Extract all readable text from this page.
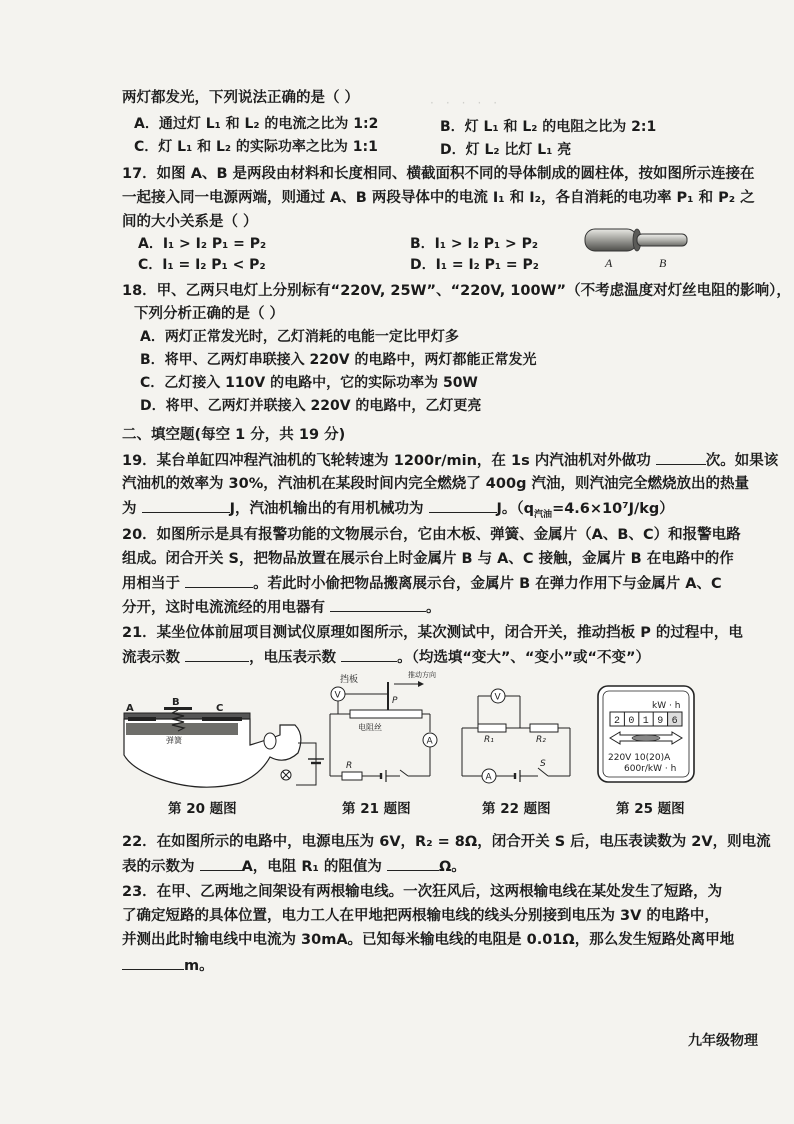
·　·　·　·　·
两灯都发光，下列说法正确的是（ ）
A．通过灯 L₁ 和 L₂ 的电流之比为 1:2	B．灯 L₁ 和 L₂ 的电阻之比为 2:1
C．灯 L₁ 和 L₂ 的实际功率之比为 1:1	D．灯 L₂ 比灯 L₁ 亮
17．如图 A、B 是两段由材料和长度相同、横截面积不同的导体制成的圆柱体，按如图所示连接在
一起接入同一电源两端，则通过 A、B 两段导体中的电流 I₁ 和 I₂，各自消耗的电功率 P₁ 和 P₂ 之
间的大小关系是（ ）
A．I₁ > I₂ P₁ = P₂	B．I₁ > I₂ P₁ > P₂
C．I₁ = I₂ P₁ < P₂	D．I₁ = I₂ P₁ = P₂	A	B
18．甲、乙两只电灯上分别标有“220V, 25W”、“220V, 100W”（不考虑温度对灯丝电阻的影响），
下列分析正确的是（ ）
A．两灯正常发光时，乙灯消耗的电能一定比甲灯多
B．将甲、乙两灯串联接入 220V 的电路中，两灯都能正常发光
C．乙灯接入 110V 的电路中，它的实际功率为 50W
D．将甲、乙两灯并联接入 220V 的电路中，乙灯更亮
二、填空题(每空 1 分，共 19 分)
19．某台单缸四冲程汽油机的飞轮转速为 1200r/min，在 1s 内汽油机对外做功	次。如果该
汽油机的效率为 30%，汽油机在某段时间内完全燃烧了 400g 汽油，则汽油完全燃烧放出的热量
为	J，汽油机输出的有用机械功为	J。$(q_{汽油}=4.6\times 10^7J/kg)$
20．如图所示是具有报警功能的文物展示台，它由木板、弹簧、金属片（A、B、C）和报警电路
组成。闭合开关 S，把物品放置在展示台上时金属片 B 与 A、C 接触，金属片 B 在电路中的作
用相当于	。若此时小偷把物品搬离展示台，金属片 B 在弹力作用下与金属片 A、C
分开，这时电流流经的用电器有	。
21．某坐位体前屈项目测试仪原理如图所示，某次测试中，闭合开关，推动挡板 P 的过程中，电
流表示数	，电压表示数	。（均选填“变大”、“变小”或“不变”）
A
B
C
弹簧
第 20 题图
挡板	推动方向
V
P
电阻丝
A
R
第 21 题图
V
R₁	R₂
S
A
第 22 题图
kW · h
2 0 1 9 6
220V 10(20)A
600r/kW · h
第 25 题图
22．在如图所示的电路中，电源电压为 6V，R₂ = 8Ω，闭合开关 S 后，电压表读数为 2V，则电流
表的示数为	A，电阻 R₁ 的阻值为	Ω。
23．在甲、乙两地之间架设有两根输电线。一次狂风后，这两根输电线在某处发生了短路，为
了确定短路的具体位置，电力工人在甲地把两根输电线的线头分别接到电压为 3V 的电路中，
并测出此时输电线中电流为 30mA。已知每米输电线的电阻是 0.01Ω，那么发生短路处离甲地
m。
九年级物理
